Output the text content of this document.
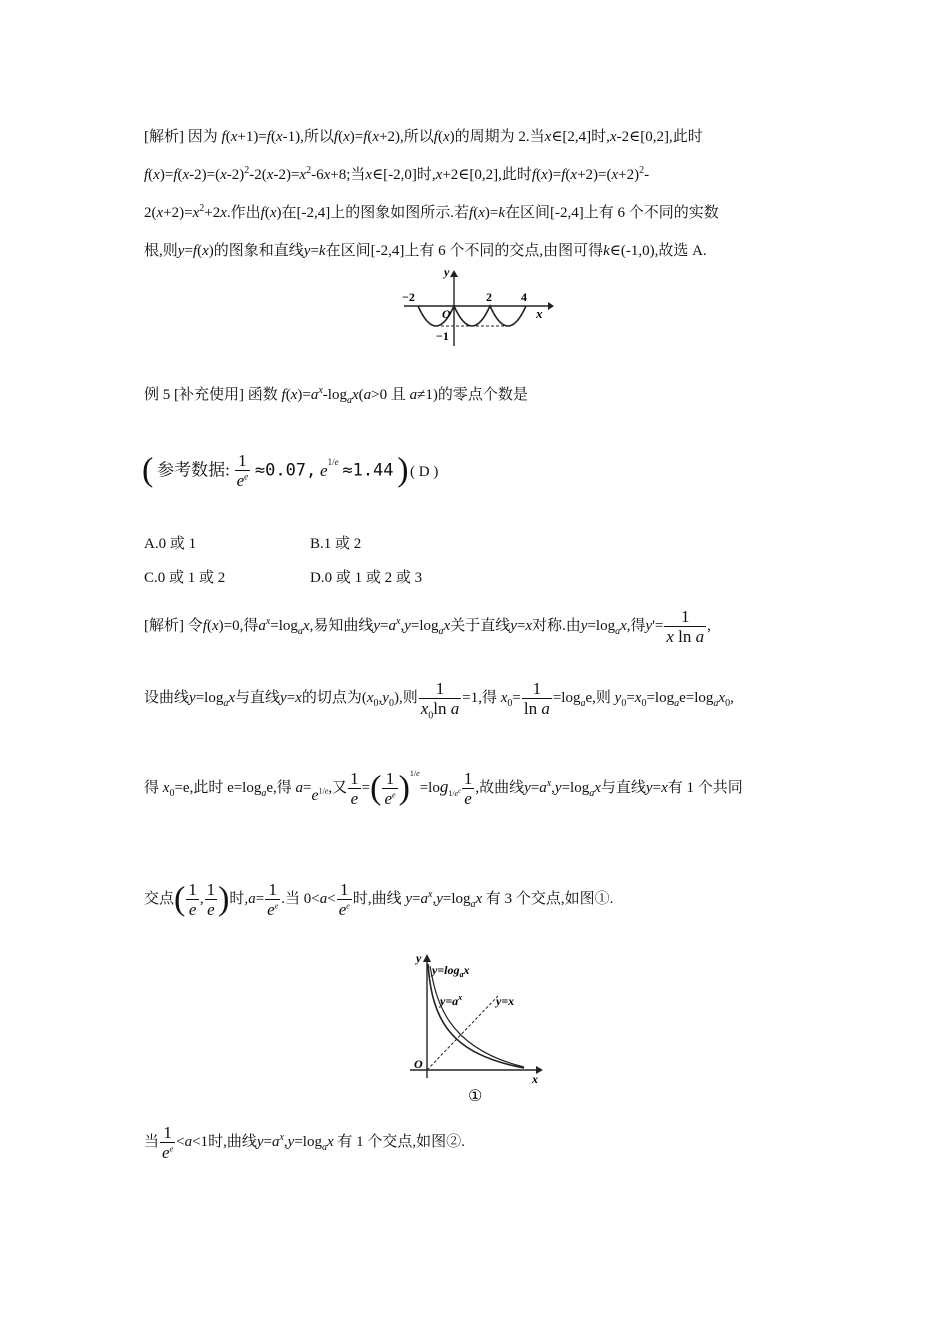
[解析] 因为 f(x+1)=f(x-1),所以f(x)=f(x+2),所以f(x)的周期为 2.当x∈[2,4]时,x-2∈[0,2],此时
$f(x)=f(x-2)=(x-2)^2-2(x-2)=x^2-6x+8$;当x∈[-2,0]时,x+2∈[0,2],此时$f(x)=f(x+2)=(x+2)^2-$
$2(x+2)=x^2+2x$.作出f(x)在[-2,4]上的图象如图所示.若f(x)=k在区间[-2,4]上有 6 个不同的实数
根,则y=f(x)的图象和直线y=k在区间[-2,4]上有 6 个不同的交点,由图可得k∈(-1,0),故选 A.
y
x
O
−2	2 4
−1
例 5 [补充使用] 函数 $f(x)=a^x-\log_ax(a>0$ 且 a≠1)的零点个数是
( 参考数据: $\frac{1}{e^e} \approx 0.07$, $e^{1/e} \approx 1.44$ ) ( D )
A.0 或 1	B.1 或 2
C.0 或 1 或 2	D.0 或 1 或 2 或 3
[解析] 令f(x)=0,得$a^x=\log_ax$,易知曲线$y=a^x,y=\log_ax$关于直线y=x对称.由$y=\log_ax$,得$y'= \frac{1}{\text{x ln a}}$ ,
设曲线$y=\log_ax$与直线y=x的切点为$(x_0,y_0)$,则 $\frac{1}{x_0\ln a} =1$,得 $x_0= \frac{1}{\text{ln a}} =\log_ae$,则 $y_0=x_0=\log_ae=\log_ax_0$,
得 $x_0=e$,此时 $e=\log_ae$,得 $a=e^{1/e}$,又 $\frac{1}{e}$ =( $\frac{1}{e^e} )^{1/e}=\log_{1/e^e} \frac{1}{e}$ ,故曲线$y=a^x,y=\log_ax$与直线y=x有 1 个共同
交点( $\frac{1}{e}$ , $\frac{1}{e}$ )时$,a= \frac{1}{e^e}$ .当 $0<a< \frac{1}{e^e}$ 时,曲线 $y=a^x,y=\log_ax$ 有 3 个交点,如图①.
y
x
O
$y=\log_ax$
$y=a^x$	y=x
①
当 $\frac{1}{e^e} <a<1$时,曲线$y=a^x,y=\log_ax$ 有 1 个交点,如图②.
